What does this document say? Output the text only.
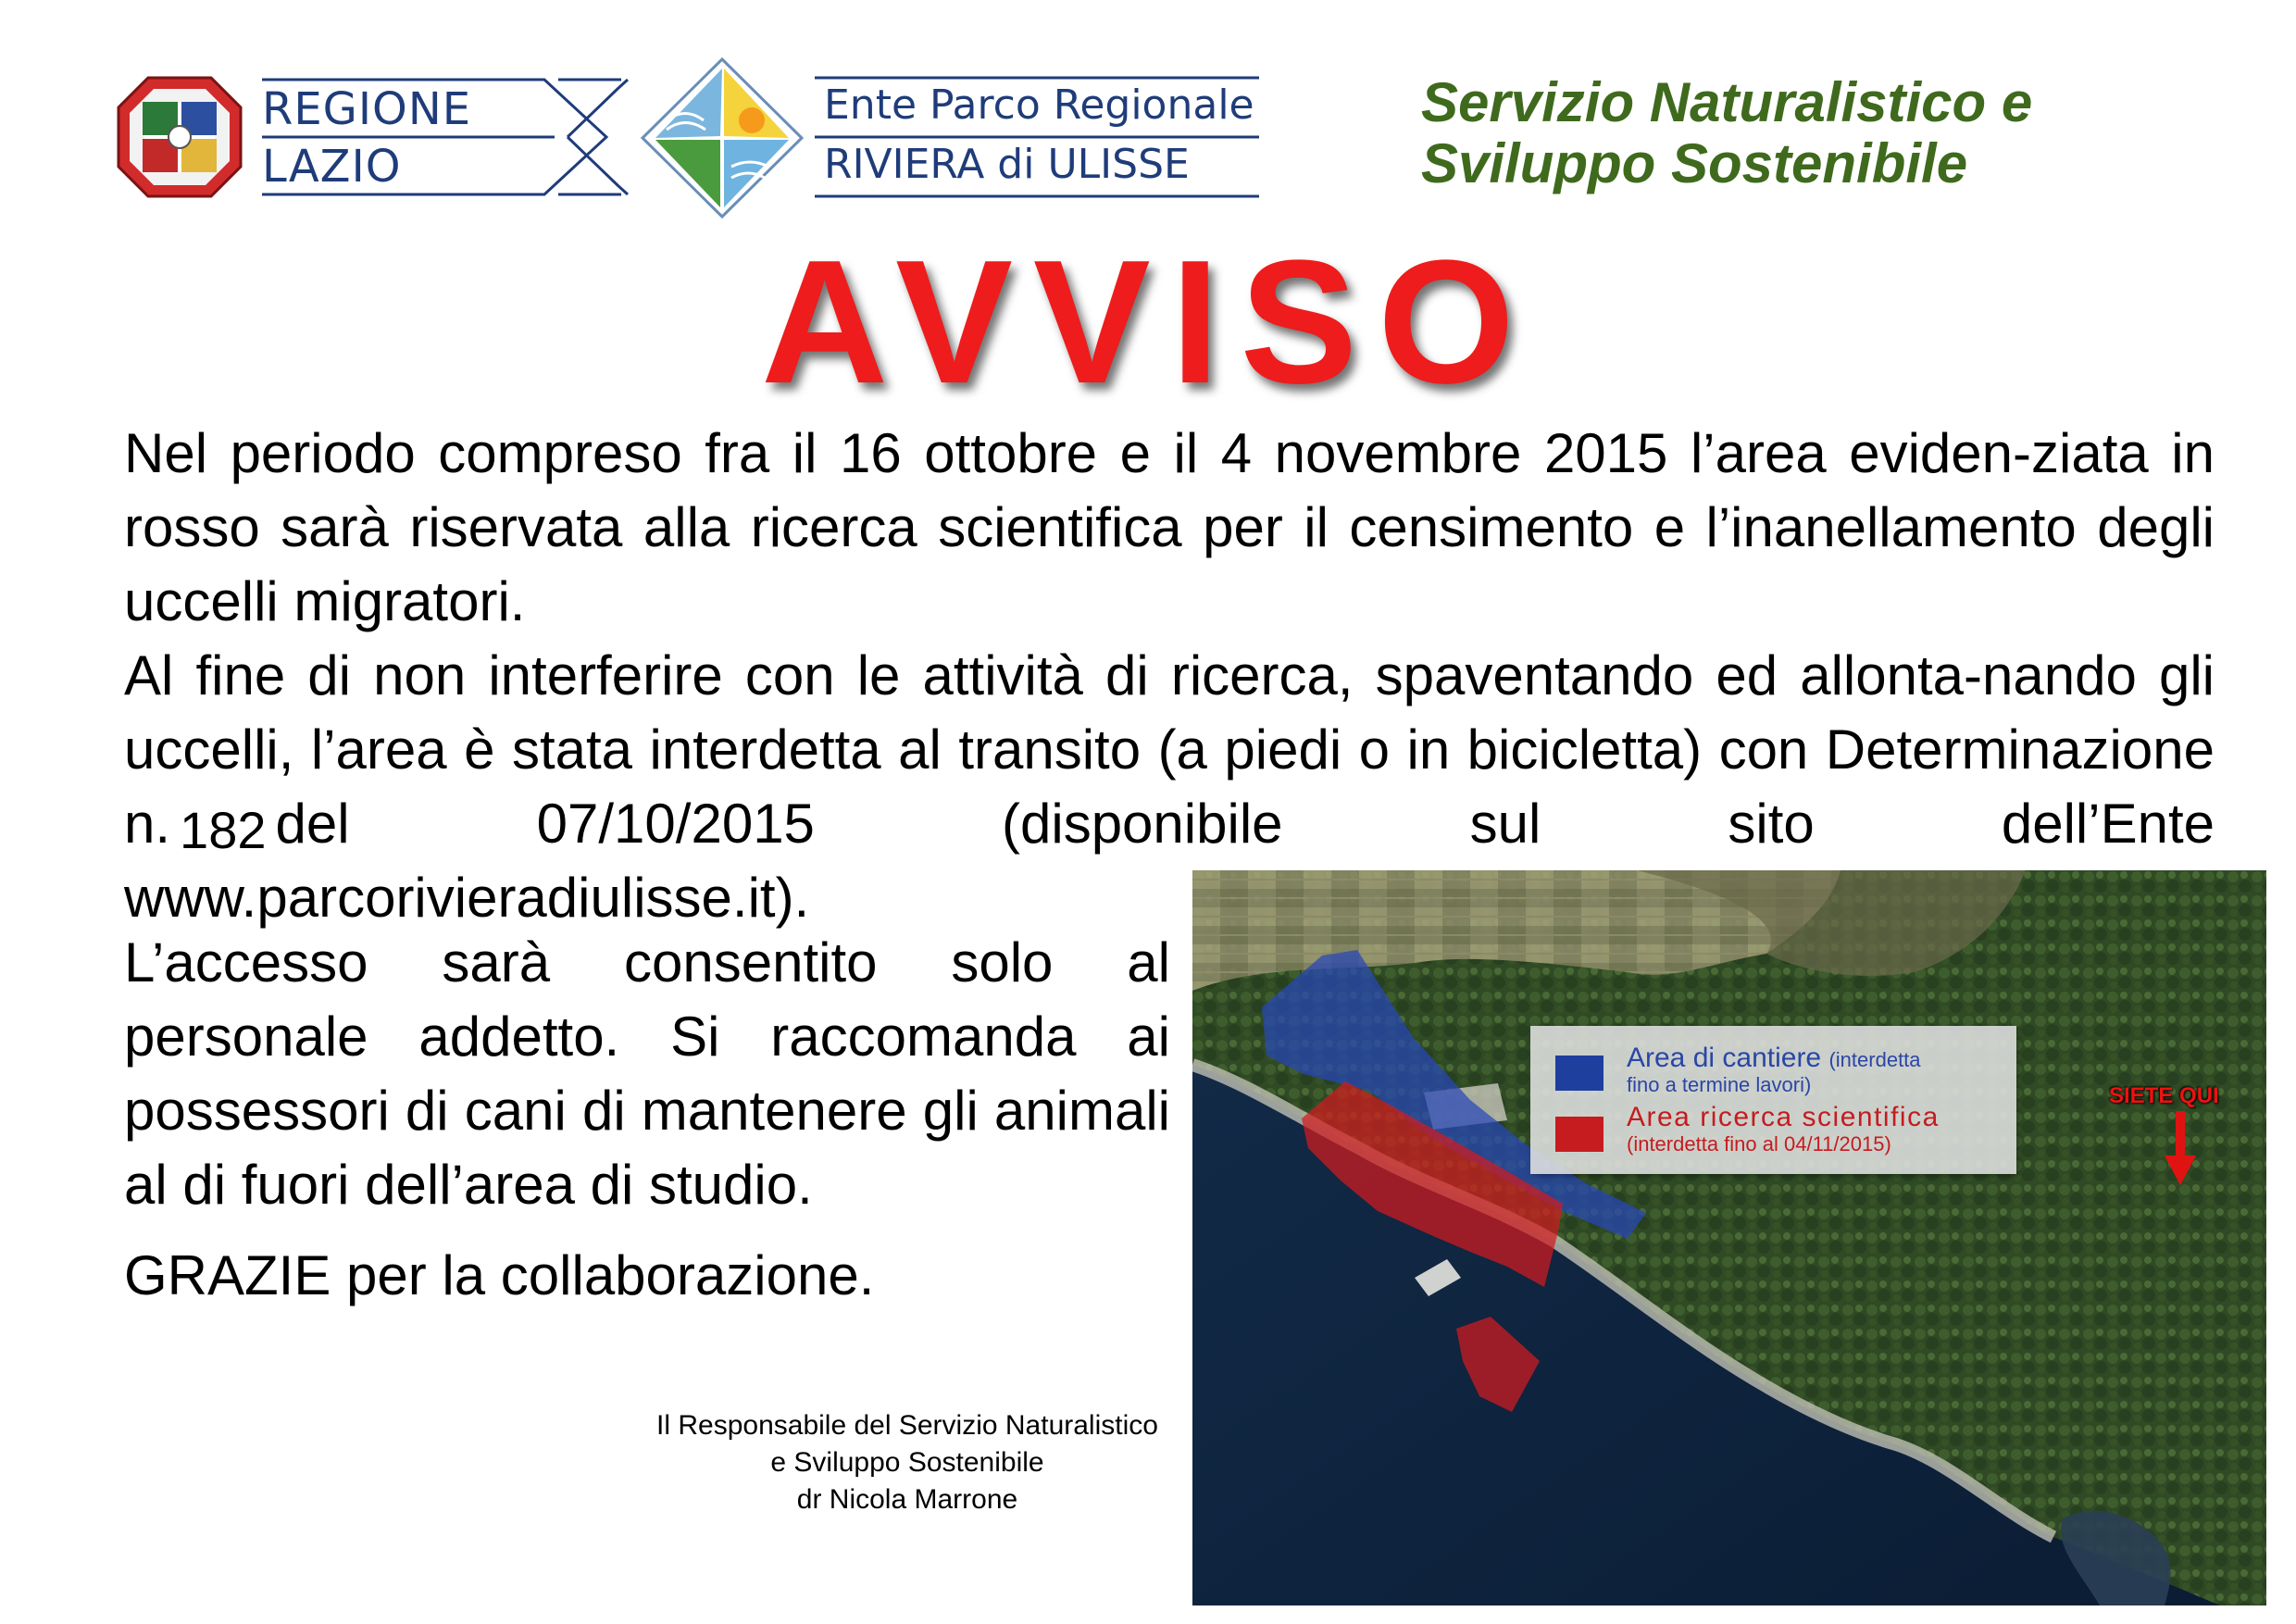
REGIONE
LAZIO
Ente Parco Regionale
RIVIERA di ULISSE
Servizio Naturalistico e
Sviluppo Sostenibile
AVVISO
Nel periodo compreso fra il 16 ottobre e il 4 novembre 2015 l’area eviden-ziata in rosso sarà riservata alla ricerca scientifica per il censimento e l’inanellamento degli uccelli migratori.
Al fine di non interferire con le attività di ricerca, spaventando ed allonta-nando gli uccelli, l’area è stata interdetta al transito (a piedi o in bicicletta) con Determinazione n. 182 del 07/10/2015 (disponibile sul sito dell’Ente
www.parcorivieradiulisse.it).
L’accesso sarà consentito solo al personale addetto. Si raccomanda ai possessori di cani di mantenere gli animali al di fuori dell’area di studio.
GRAZIE per la collaborazione.
Il Responsabile del Servizio Naturalistico
e Sviluppo Sostenibile
dr Nicola Marrone
Area di cantiere (interdetta
fino a termine lavori)
Area ricerca scientifica
(interdetta fino al 04/11/2015)
SIETE QUI
